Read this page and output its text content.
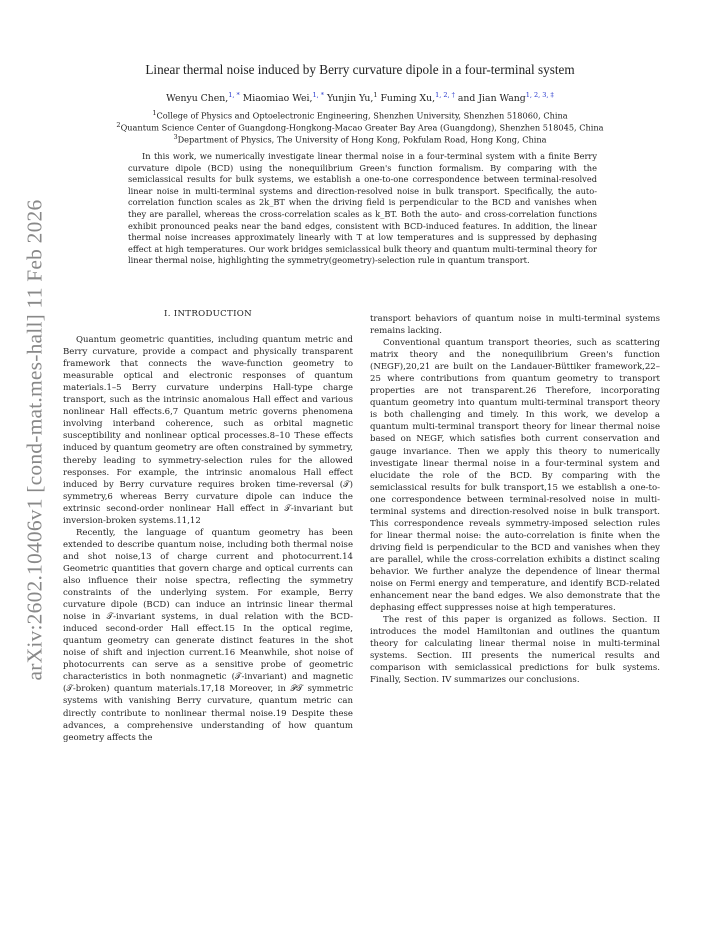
arXiv:2602.10406v1 [cond-mat.mes-hall] 11 Feb 2026
Linear thermal noise induced by Berry curvature dipole in a four-terminal system
Wenyu Chen,$^{1, *}$ Miaomiao Wei,$^{1, *}$ Yunjin Yu,$^1$ Fuming Xu,$^{1, 2, \dagger}$ and Jian Wang$^{1, 2, 3, \ddagger}$
$^1$College of Physics and Optoelectronic Engineering, Shenzhen University, Shenzhen 518060, China
$^2$Quantum Science Center of Guangdong-Hongkong-Macao Greater Bay Area (Guangdong), Shenzhen 518045, China
$^3$Department of Physics, The University of Hong Kong, Pokfulam Road, Hong Kong, China

In this work, we numerically investigate linear thermal noise in a four-terminal system with a finite Berry curvature dipole (BCD) using the nonequilibrium Green's function formalism. By comparing with the semiclassical results for bulk systems, we establish a one-to-one correspondence between terminal-resolved linear noise in multi-terminal systems and direction-resolved noise in bulk transport. Specifically, the auto-correlation function scales as 2k_BT when the driving field is perpendicular to the BCD and vanishes when they are parallel, whereas the cross-correlation scales as k_BT. Both the auto- and cross-correlation functions exhibit pronounced peaks near the band edges, consistent with BCD-induced features. In addition, the linear thermal noise increases approximately linearly with T at low temperatures and is suppressed by dephasing effect at high temperatures. Our work bridges semiclassical bulk theory and quantum multi-terminal theory for linear thermal noise, highlighting the symmetry(geometry)-selection rule in quantum transport.

I. INTRODUCTION

Quantum geometric quantities, including quantum metric and Berry curvature, provide a compact and physically transparent framework that connects the wave-function geometry to measurable optical and electronic responses of quantum materials.1–5 Berry curvature underpins Hall-type charge transport, such as the intrinsic anomalous Hall effect and various nonlinear Hall effects.6,7 Quantum metric governs phenomena involving interband coherence, such as orbital magnetic susceptibility and nonlinear optical processes.8–10 These effects induced by quantum geometry are often constrained by symmetry, thereby leading to symmetry-selection rules for the allowed responses. For example, the intrinsic anomalous Hall effect induced by Berry curvature requires broken time-reversal (𝒯) symmetry,6 whereas Berry curvature dipole can induce the extrinsic second-order nonlinear Hall effect in 𝒯-invariant but inversion-broken systems.11,12

Recently, the language of quantum geometry has been extended to describe quantum noise, including both thermal noise and shot noise,13 of charge current and photocurrent.14 Geometric quantities that govern charge and optical currents can also influence their noise spectra, reflecting the symmetry constraints of the underlying system. For example, Berry curvature dipole (BCD) can induce an intrinsic linear thermal noise in 𝒯-invariant systems, in dual relation with the BCD-induced second-order Hall effect.15 In the optical regime, quantum geometry can generate distinct features in the shot noise of shift and injection current.16 Meanwhile, shot noise of photocurrents can serve as a sensitive probe of geometric characteristics in both nonmagnetic (𝒯-invariant) and magnetic (𝒯-broken) quantum materials.17,18 Moreover, in 𝒫𝒯 symmetric systems with vanishing Berry curvature, quantum metric can directly contribute to nonlinear thermal noise.19 Despite these advances, a comprehensive understanding of how quantum geometry affects the

transport behaviors of quantum noise in multi-terminal systems remains lacking.

Conventional quantum transport theories, such as scattering matrix theory and the nonequilibrium Green's function (NEGF),20,21 are built on the Landauer-Büttiker framework,22–25 where contributions from quantum geometry to transport properties are not transparent.26 Therefore, incorporating quantum geometry into quantum multi-terminal transport theory is both challenging and timely. In this work, we develop a quantum multi-terminal transport theory for linear thermal noise based on NEGF, which satisfies both current conservation and gauge invariance. Then we apply this theory to numerically investigate linear thermal noise in a four-terminal system and elucidate the role of the BCD. By comparing with the semiclassical results for bulk transport,15 we establish a one-to-one correspondence between terminal-resolved noise in multi-terminal systems and direction-resolved noise in bulk transport. This correspondence reveals symmetry-imposed selection rules for linear thermal noise: the auto-correlation is finite when the driving field is perpendicular to the BCD and vanishes when they are parallel, while the cross-correlation exhibits a distinct scaling behavior. We further analyze the dependence of linear thermal noise on Fermi energy and temperature, and identify BCD-related enhancement near the band edges. We also demonstrate that the dephasing effect suppresses noise at high temperatures.

The rest of this paper is organized as follows. Section. II introduces the model Hamiltonian and outlines the quantum theory for calculating linear thermal noise in multi-terminal systems. Section. III presents the numerical results and comparison with semiclassical predictions for bulk systems. Finally, Section. IV summarizes our conclusions.
